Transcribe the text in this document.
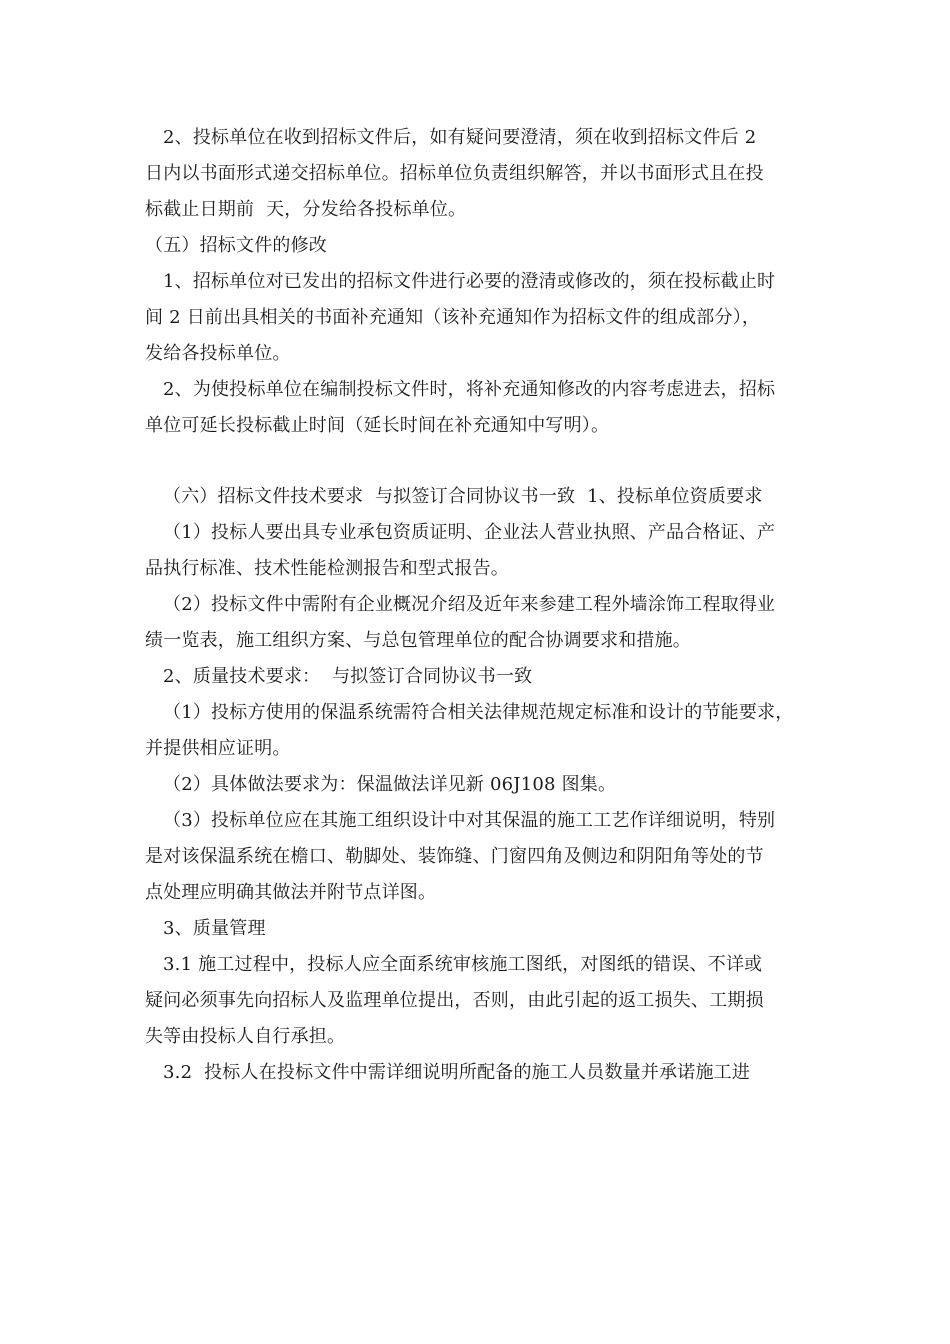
2、投标单位在收到招标文件后，如有疑问要澄清，须在收到招标文件后 2
日内以书面形式递交招标单位。招标单位负责组织解答，并以书面形式且在投
标截止日期前  天，分发给各投标单位。
（五）招标文件的修改
1、招标单位对已发出的招标文件进行必要的澄清或修改的，须在投标截止时
间 2 日前出具相关的书面补充通知（该补充通知作为招标文件的组成部分），
发给各投标单位。
2、为使投标单位在编制投标文件时，将补充通知修改的内容考虑进去，招标
单位可延长投标截止时间（延长时间在补充通知中写明）。
（六）招标文件技术要求  与拟签订合同协议书一致  1、投标单位资质要求
（1）投标人要出具专业承包资质证明、企业法人营业执照、产品合格证、产
品执行标准、技术性能检测报告和型式报告。
（2）投标文件中需附有企业概况介绍及近年来参建工程外墙涂饰工程取得业
绩一览表，施工组织方案、与总包管理单位的配合协调要求和措施。
2、质量技术要求：  与拟签订合同协议书一致
（1）投标方使用的保温系统需符合相关法律规范规定标准和设计的节能要求，
并提供相应证明。
（2）具体做法要求为：保温做法详见新 06J108 图集。
（3）投标单位应在其施工组织设计中对其保温的施工工艺作详细说明，特别
是对该保温系统在檐口、勒脚处、装饰缝、门窗四角及侧边和阴阳角等处的节
点处理应明确其做法并附节点详图。
3、质量管理
3.1 施工过程中，投标人应全面系统审核施工图纸，对图纸的错误、不详或
疑问必须事先向招标人及监理单位提出，否则，由此引起的返工损失、工期损
失等由投标人自行承担。
3.2  投标人在投标文件中需详细说明所配备的施工人员数量并承诺施工进
